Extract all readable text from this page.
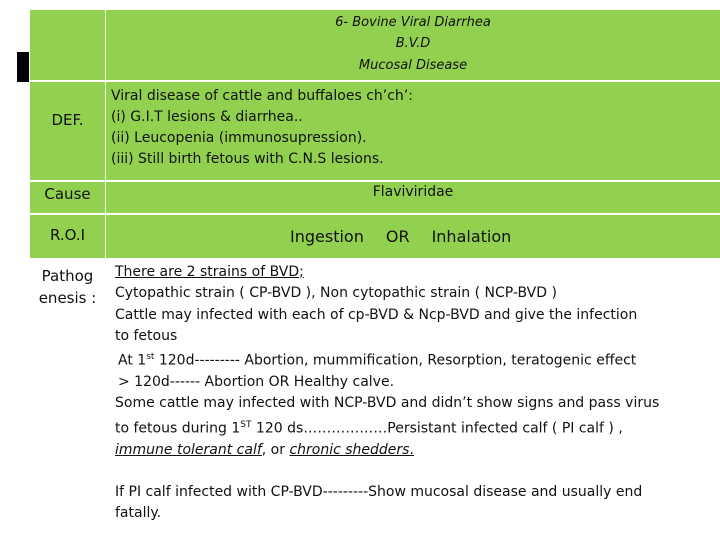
6- Bovine Viral Diarrhea
B.V.D
Mucosal Disease
DEF.
Viral disease of cattle and buffaloes ch’ch’:
(i) G.I.T lesions & diarrhea..
(ii) Leucopenia (immunosupression).
(iii) Still birth fetous with C.N.S lesions.
Cause	Flaviviridae
R.O.I	Ingestion OR Inhalation
Pathog
enesis :

There are 2 strains of BVD;

Cytopathic strain ( CP-BVD ), Non cytopathic strain ( NCP-BVD )

Cattle may infected with each of cp-BVD & Ncp-BVD and give the infection

to fetous

At 1st 120d--------- Abortion, mummification, Resorption, teratogenic effect

> 120d------ Abortion OR Healthy calve.

Some cattle may infected with NCP-BVD and didn’t show signs and pass virus

to fetous during 1ST 120 ds………………Persistant infected calf ( PI calf ) ,

immune tolerant calf, or chronic shedders.

If PI calf infected with CP-BVD---------Show mucosal disease and usually end

fatally.
